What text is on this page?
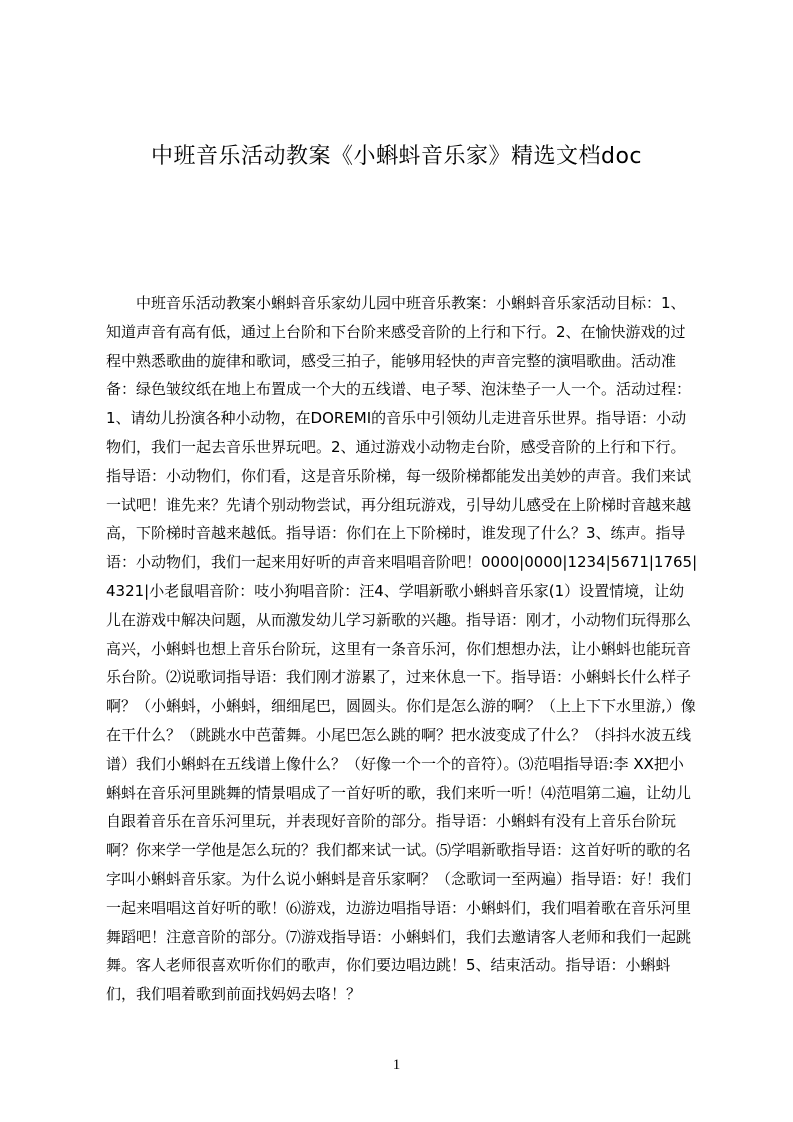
中班音乐活动教案《小蝌蚪音乐家》精选文档doc

中班音乐活动教案小蝌蚪音乐家幼儿园中班音乐教案：小蝌蚪音乐家活动目标：1、知道声音有高有低，通过上台阶和下台阶来感受音阶的上行和下行。2、在愉快游戏的过程中熟悉歌曲的旋律和歌词，感受三拍子，能够用轻快的声音完整的演唱歌曲。活动准备：绿色皱纹纸在地上布置成一个大的五线谱、电子琴、泡沫垫子一人一个。活动过程：1、请幼儿扮演各种小动物，在DOREMI的音乐中引领幼儿走进音乐世界。指导语：小动物们，我们一起去音乐世界玩吧。2、通过游戏小动物走台阶，感受音阶的上行和下行。指导语：小动物们，你们看，这是音乐阶梯，每一级阶梯都能发出美妙的声音。我们来试一试吧！谁先来？先请个别动物尝试，再分组玩游戏，引导幼儿感受在上阶梯时音越来越高，下阶梯时音越来越低。指导语：你们在上下阶梯时，谁发现了什么？3、练声。指导语：小动物们，我们一起来用好听的声音来唱唱音阶吧！0000|0000|1234|5671|1765|4321|小老鼠唱音阶：吱小狗唱音阶：汪4、学唱新歌小蝌蚪音乐家(1）设置情境，让幼儿在游戏中解决问题，从而激发幼儿学习新歌的兴趣。指导语：刚才，小动物们玩得那么高兴，小蝌蚪也想上音乐台阶玩，这里有一条音乐河，你们想想办法，让小蝌蚪也能玩音乐台阶。⑵说歌词指导语：我们刚才游累了，过来休息一下。指导语：小蝌蚪长什么样子啊？（小蝌蚪，小蝌蚪，细细尾巴，圆圆头。你们是怎么游的啊？（上上下下水里游,）像在干什么？（跳跳水中芭蕾舞。小尾巴怎么跳的啊？把水波变成了什么？（抖抖水波五线谱）我们小蝌蚪在五线谱上像什么？（好像一个一个的音符）。⑶范唱指导语:李 XX把小蝌蚪在音乐河里跳舞的情景唱成了一首好听的歌，我们来听一听！⑷范唱第二遍，让幼儿自跟着音乐在音乐河里玩，并表现好音阶的部分。指导语：小蝌蚪有没有上音乐台阶玩啊？你来学一学他是怎么玩的？我们都来试一试。⑸学唱新歌指导语：这首好听的歌的名字叫小蝌蚪音乐家。为什么说小蝌蚪是音乐家啊？（念歌词一至两遍）指导语：好！我们一起来唱唱这首好听的歌！⑹游戏，边游边唱指导语：小蝌蚪们，我们唱着歌在音乐河里舞蹈吧！注意音阶的部分。⑺游戏指导语：小蝌蚪们，我们去邀请客人老师和我们一起跳舞。客人老师很喜欢听你们的歌声，你们要边唱边跳！5、结束活动。指导语：小蝌蚪们，我们唱着歌到前面找妈妈去咯！？

1
